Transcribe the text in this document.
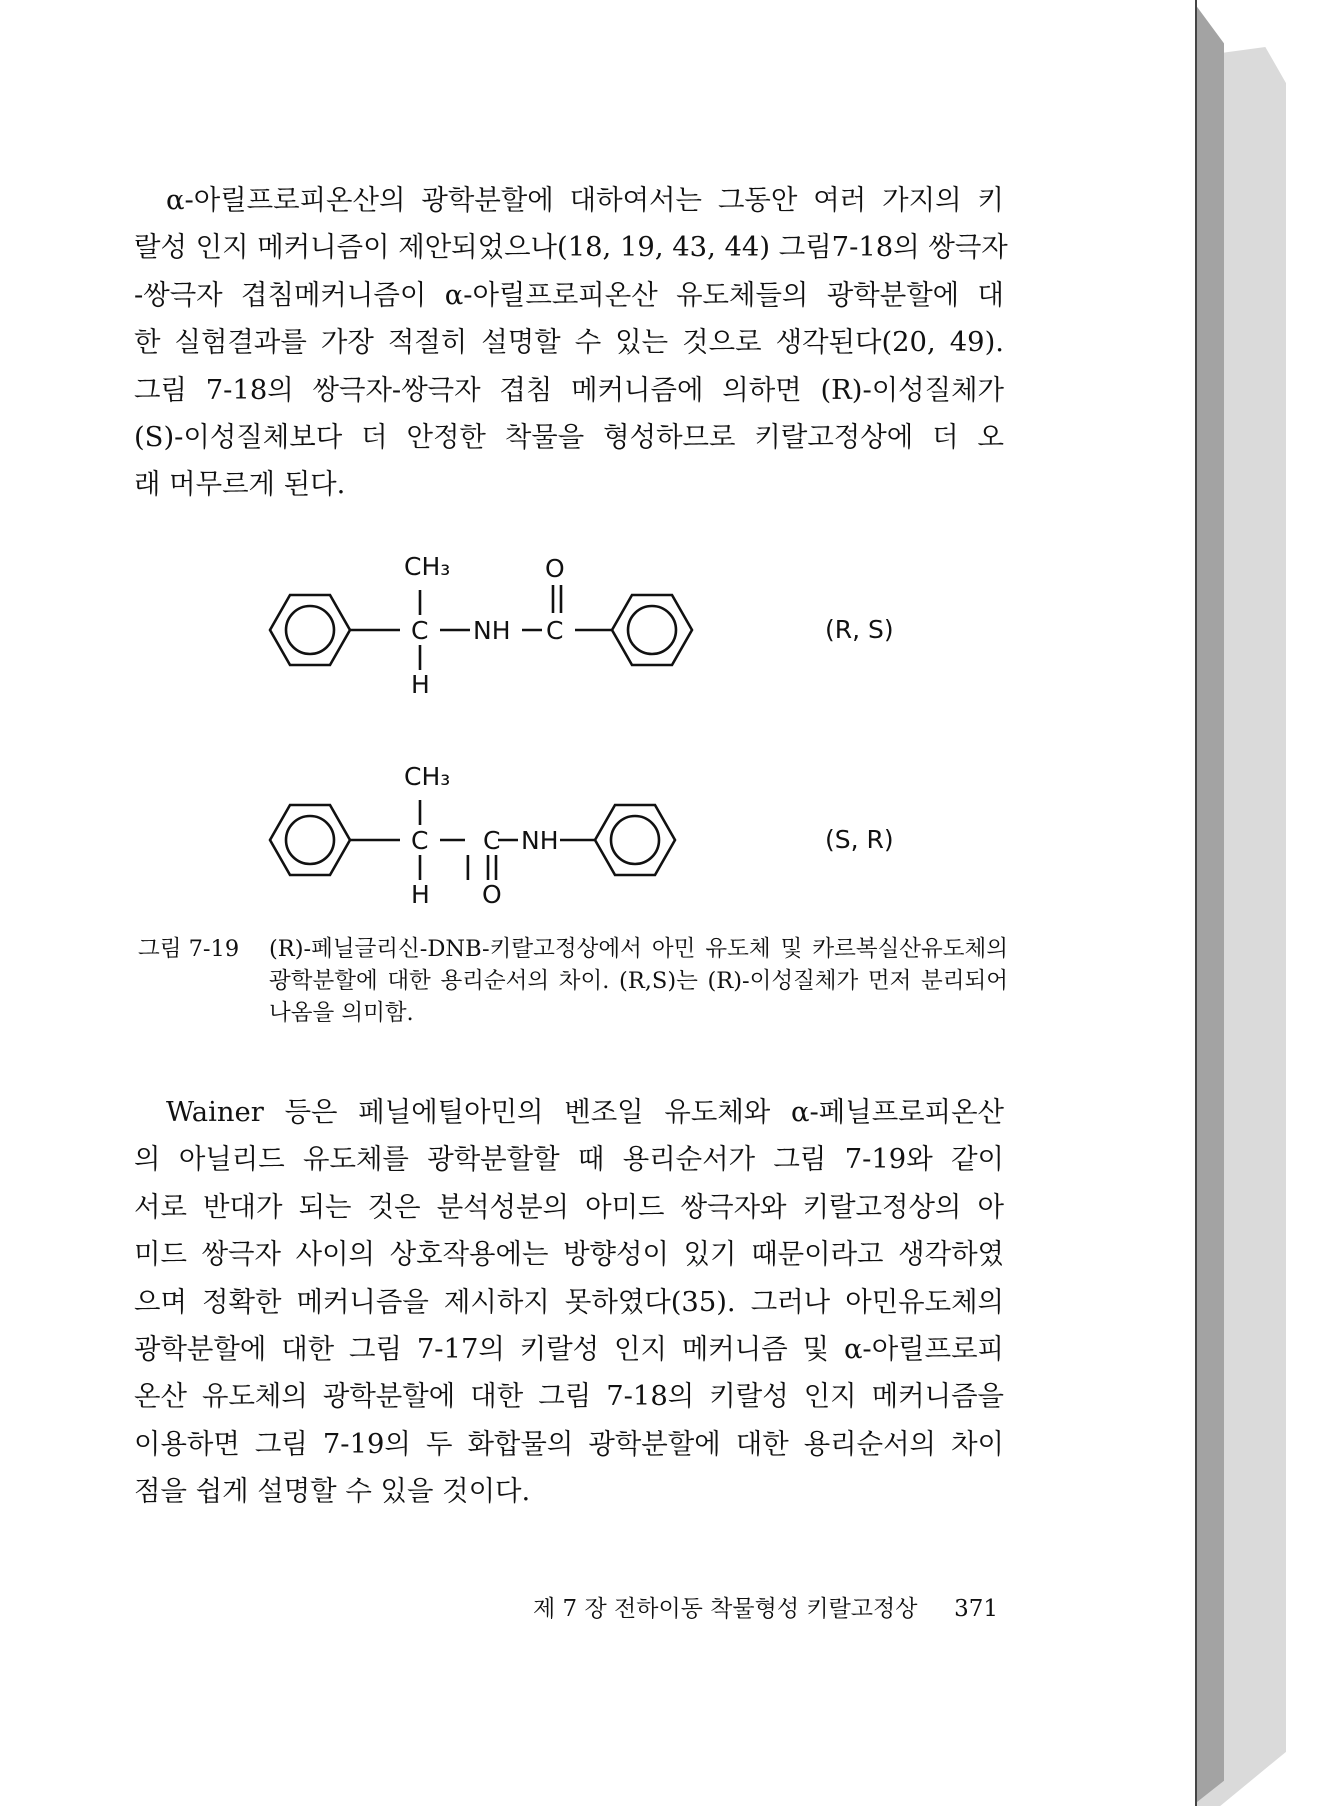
α-아릴프로피온산의 광학분할에 대하여서는 그동안 여러 가지의 키
랄성 인지 메커니즘이 제안되었으나(18, 19, 43, 44) 그림7-18의 쌍극자
-쌍극자 겹침메커니즘이 α-아릴프로피온산 유도체들의 광학분할에 대
한 실험결과를 가장 적절히 설명할 수 있는 것으로 생각된다(20, 49).
그림 7-18의 쌍극자-쌍극자 겹침 메커니즘에 의하면 (R)-이성질체가
(S)-이성질체보다 더 안정한 착물을 형성하므로 키랄고정상에 더 오
래 머무르게 된다.
CH₃
C NH C
O
H
(R, S)
CH₃
C C NH
H O
(S, R)
그림 7-19 (R)-페닐글리신-DNB-키랄고정상에서 아민 유도체 및 카르복실산유도체의 광학분할에 대한 용리순서의 차이. (R,S)는 (R)-이성질체가 먼저 분리되어 나옴을 의미함.
Wainer 등은 페닐에틸아민의 벤조일 유도체와 α-페닐프로피온산
의 아닐리드 유도체를 광학분할할 때 용리순서가 그림 7-19와 같이
서로 반대가 되는 것은 분석성분의 아미드 쌍극자와 키랄고정상의 아
미드 쌍극자 사이의 상호작용에는 방향성이 있기 때문이라고 생각하였
으며 정확한 메커니즘을 제시하지 못하였다(35). 그러나 아민유도체의
광학분할에 대한 그림 7-17의 키랄성 인지 메커니즘 및 α-아릴프로피
온산 유도체의 광학분할에 대한 그림 7-18의 키랄성 인지 메커니즘을
이용하면 그림 7-19의 두 화합물의 광학분할에 대한 용리순서의 차이
점을 쉽게 설명할 수 있을 것이다.
제 7 장 전하이동 착물형성 키랄고정상 371
